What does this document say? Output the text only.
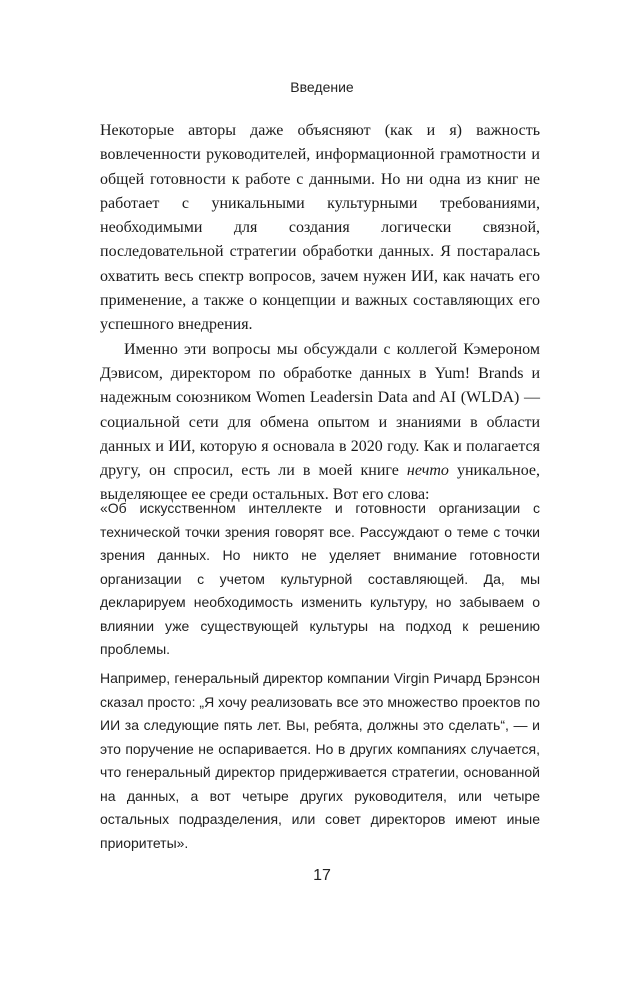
Введение

Некоторые авторы даже объясняют (как и я) важность вовлеченности руководителей, информационной грамотности и общей готовности к работе с данными. Но ни одна из книг не работает с уникальными культурными требованиями, необходимыми для создания логически связной, последовательной стратегии обработки данных. Я постаралась охватить весь спектр вопросов, зачем нужен ИИ, как начать его применение, а также о концепции и важных составляющих его успешного внедрения.

Именно эти вопросы мы обсуждали с коллегой Кэмероном Дэвисом, директором по обработке данных в Yum! Brands и надежным союзником Women Leadersin Data and AI (WLDA) — социальной сети для обмена опытом и знаниями в области данных и ИИ, которую я основала в 2020 году. Как и полагается другу, он спросил, есть ли в моей книге нечто уникальное, выделяющее ее среди остальных. Вот его слова:

«Об искусственном интеллекте и готовности организации с технической точки зрения говорят все. Рассуждают о теме с точки зрения данных. Но никто не уделяет внимание готовности организации с учетом культурной составляющей. Да, мы декларируем необходимость изменить культуру, но забываем о влиянии уже существующей культуры на подход к решению проблемы.

Например, генеральный директор компании Virgin Ричард Брэнсон сказал просто: „Я хочу реализовать все это множество проектов по ИИ за следующие пять лет. Вы, ребята, должны это сделать“, — и это поручение не оспаривается. Но в других компаниях случается, что генеральный директор придерживается стратегии, основанной на данных, а вот четыре других руководителя, или четыре остальных подразделения, или совет директоров имеют иные приоритеты».

17
